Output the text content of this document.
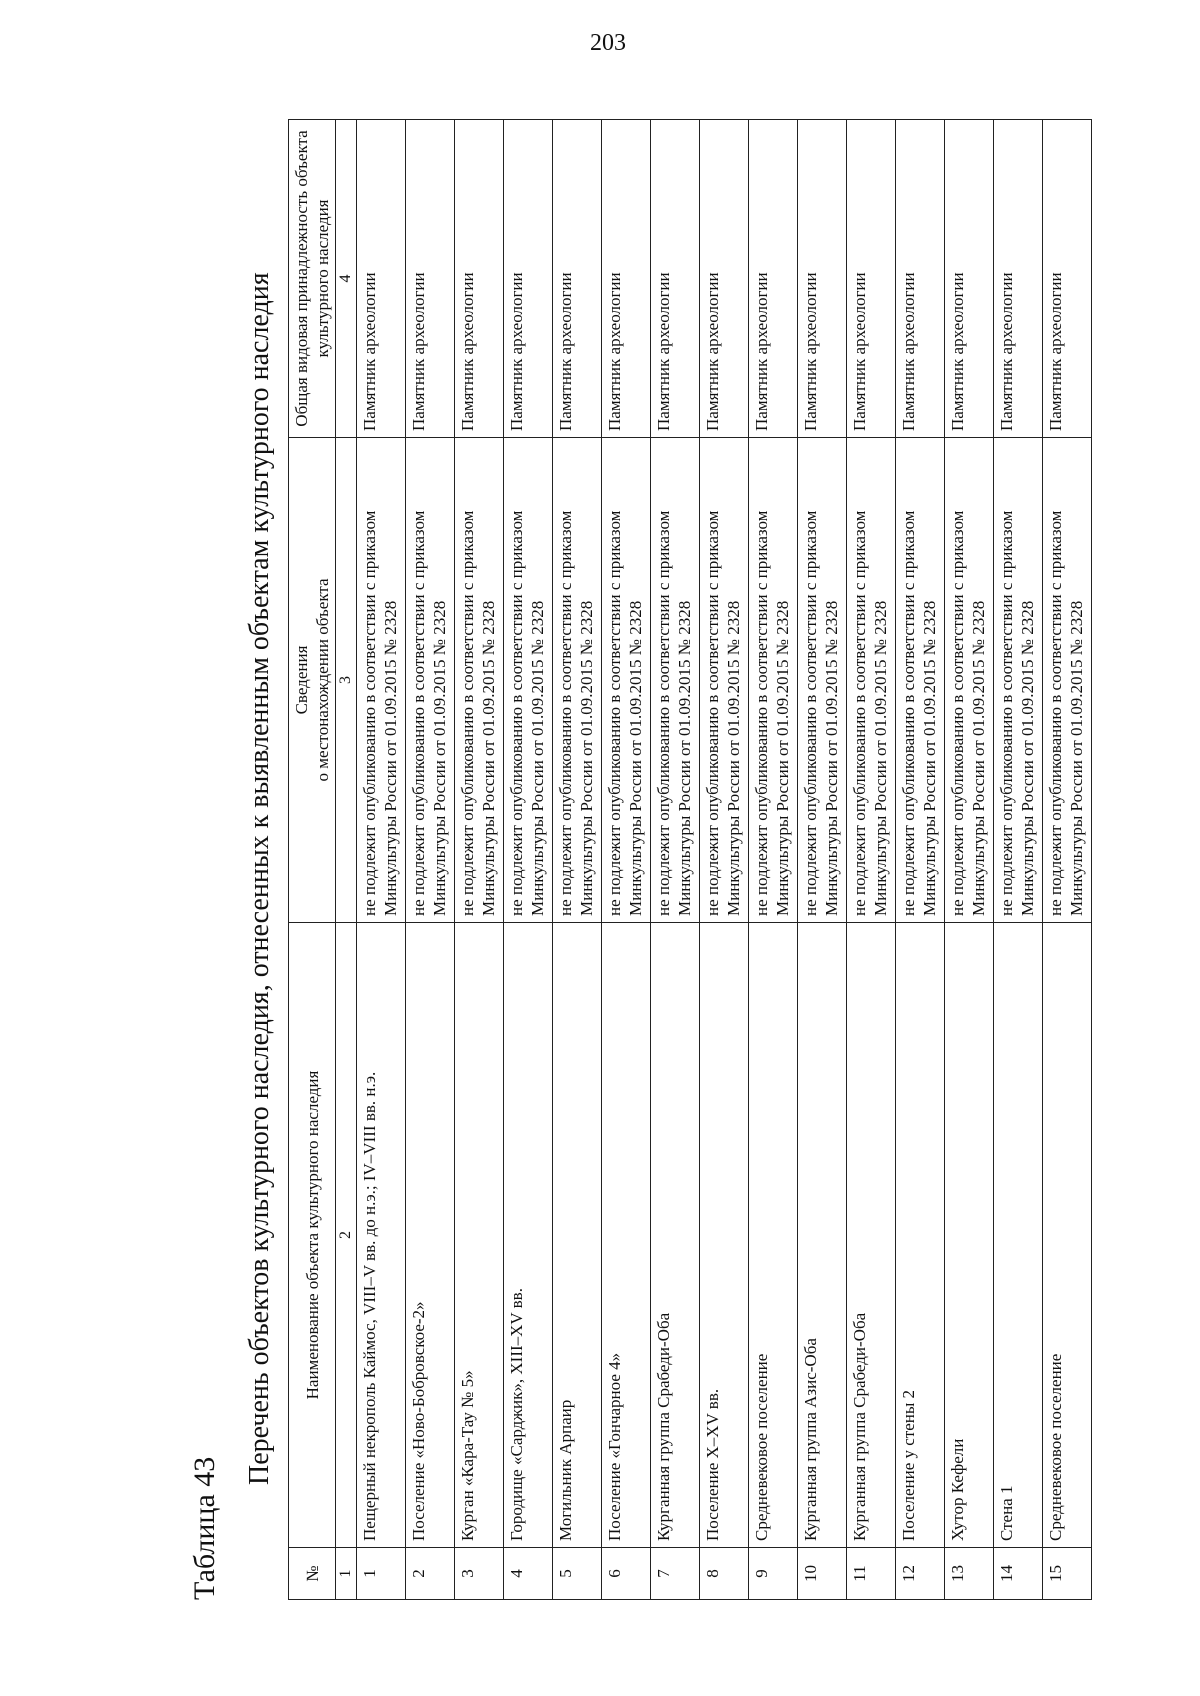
203
Таблица 43
Перечень объектов культурного наследия, отнесенных к выявленным объектам культурного наследия
№	Наименование объекта культурного наследия	Сведения
о местонахождении объекта	Общая видовая принадлежность объекта культурного наследия
1	2	3	4
1	Пещерный некрополь Каймос, VIII–V вв. до н.э.; IV–VIII вв. н.э.	не подлежит опубликованию в соответствии с приказом Минкультуры России от 01.09.2015 № 2328	Памятник археологии
2	Поселение «Ново-Бобровское-2»	не подлежит опубликованию в соответствии с приказом Минкультуры России от 01.09.2015 № 2328	Памятник археологии
3	Курган «Кара-Тау № 5»	не подлежит опубликованию в соответствии с приказом Минкультуры России от 01.09.2015 № 2328	Памятник археологии
4	Городище «Сарджик», XIII–XV вв.	не подлежит опубликованию в соответствии с приказом Минкультуры России от 01.09.2015 № 2328	Памятник археологии
5	Могильник Арпаир	не подлежит опубликованию в соответствии с приказом Минкультуры России от 01.09.2015 № 2328	Памятник археологии
6	Поселение «Гончарное 4»	не подлежит опубликованию в соответствии с приказом Минкультуры России от 01.09.2015 № 2328	Памятник археологии
7	Курганная группа Срабеди-Оба	не подлежит опубликованию в соответствии с приказом Минкультуры России от 01.09.2015 № 2328	Памятник археологии
8	Поселение X–XV вв.	не подлежит опубликованию в соответствии с приказом Минкультуры России от 01.09.2015 № 2328	Памятник археологии
9	Средневековое поселение	не подлежит опубликованию в соответствии с приказом Минкультуры России от 01.09.2015 № 2328	Памятник археологии
10	Курганная группа Азис-Оба	не подлежит опубликованию в соответствии с приказом Минкультуры России от 01.09.2015 № 2328	Памятник археологии
11	Курганная группа Срабеди-Оба	не подлежит опубликованию в соответствии с приказом Минкультуры России от 01.09.2015 № 2328	Памятник археологии
12	Поселение у стены 2	не подлежит опубликованию в соответствии с приказом Минкультуры России от 01.09.2015 № 2328	Памятник археологии
13	Хутор Кефели	не подлежит опубликованию в соответствии с приказом Минкультуры России от 01.09.2015 № 2328	Памятник археологии
14	Стена 1	не подлежит опубликованию в соответствии с приказом Минкультуры России от 01.09.2015 № 2328	Памятник археологии
15	Средневековое поселение	не подлежит опубликованию в соответствии с приказом Минкультуры России от 01.09.2015 № 2328	Памятник археологии
